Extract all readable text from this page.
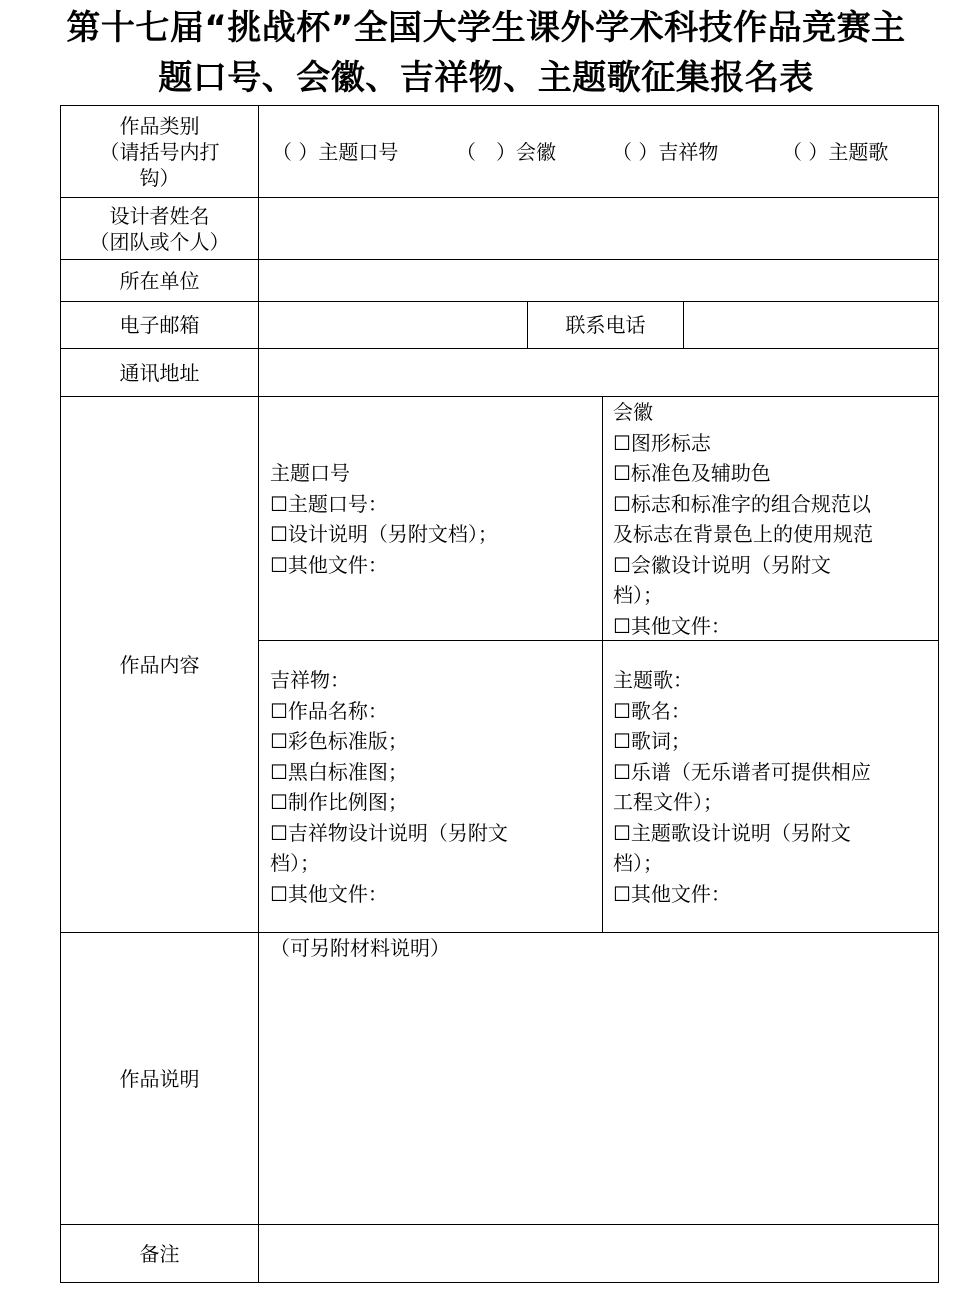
第十七届“挑战杯”全国大学生课外学术科技作品竞赛主
题口号、会徽、吉祥物、主题歌征集报名表
作品类别
（请括号内打
钩）
（ ）主题口号	（　）会徽	（ ）吉祥物	（ ）主题歌
设计者姓名
（团队或个人）
所在单位
电子邮箱	联系电话
通讯地址
作品内容
主题口号
☐主题口号：
☐设计说明（另附文档）；
☐其他文件：
会徽
☐图形标志
☐标准色及辅助色
☐标志和标准字的组合规范以
及标志在背景色上的使用规范
☐会徽设计说明（另附文
档）；
☐其他文件：
吉祥物：
☐作品名称：
☐彩色标准版；
☐黑白标准图；
☐制作比例图；
☐吉祥物设计说明（另附文
档）；
☐其他文件：
主题歌：
☐歌名：
☐歌词；
☐乐谱（无乐谱者可提供相应
工程文件）；
☐主题歌设计说明（另附文
档）；
☐其他文件：
作品说明
（可另附材料说明）
备注
